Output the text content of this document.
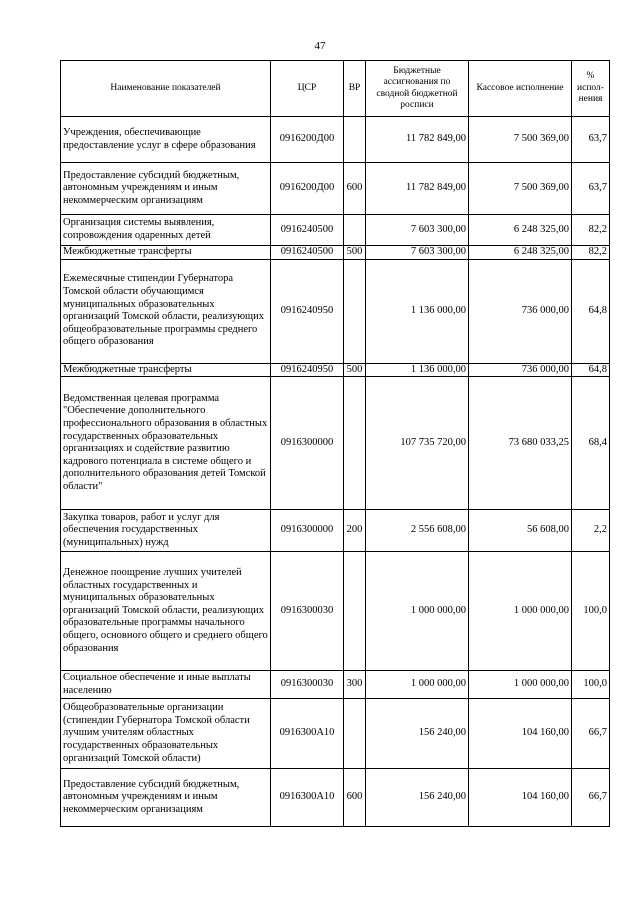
47
Наименование показателей	ЦСР	ВР	Бюджетные ассигнования по сводной бюджетной росписи	Кассовое исполнение	% испол-нения
Учреждения, обеспечивающие предоставление услуг в сфере образования	0916200Д00		11 782 849,00	7 500 369,00	63,7
Предоставление субсидий бюджетным, автономным учреждениям и иным некоммерческим организациям	0916200Д00	600	11 782 849,00	7 500 369,00	63,7
Организация системы выявления, сопровождения одаренных детей	0916240500		7 603 300,00	6 248 325,00	82,2
Межбюджетные трансферты	0916240500	500	7 603 300,00	6 248 325,00	82,2
Ежемесячные стипендии Губернатора Томской области обучающимся муниципальных образовательных организаций Томской области, реализующих общеобразовательные программы среднего общего образования	0916240950		1 136 000,00	736 000,00	64,8
Межбюджетные трансферты	0916240950	500	1 136 000,00	736 000,00	64,8
Ведомственная целевая программа "Обеспечение дополнительного профессионального образования в областных государственных образовательных организациях и содействие развитию кадрового потенциала в системе общего и дополнительного образования детей Томской области"	0916300000		107 735 720,00	73 680 033,25	68,4
Закупка товаров, работ и услуг для обеспечения государственных (муниципальных) нужд	0916300000	200	2 556 608,00	56 608,00	2,2
Денежное поощрение лучших учителей областных государственных и муниципальных образовательных организаций Томской области, реализующих образовательные программы начального общего, основного общего и среднего общего образования	0916300030		1 000 000,00	1 000 000,00	100,0
Социальное обеспечение и иные выплаты населению	0916300030	300	1 000 000,00	1 000 000,00	100,0
Общеобразовательные организации (стипендии Губернатора Томской области лучшим учителям областных государственных образовательных организаций Томской области)	0916300А10		156 240,00	104 160,00	66,7
Предоставление субсидий бюджетным, автономным учреждениям и иным некоммерческим организациям	0916300А10	600	156 240,00	104 160,00	66,7
